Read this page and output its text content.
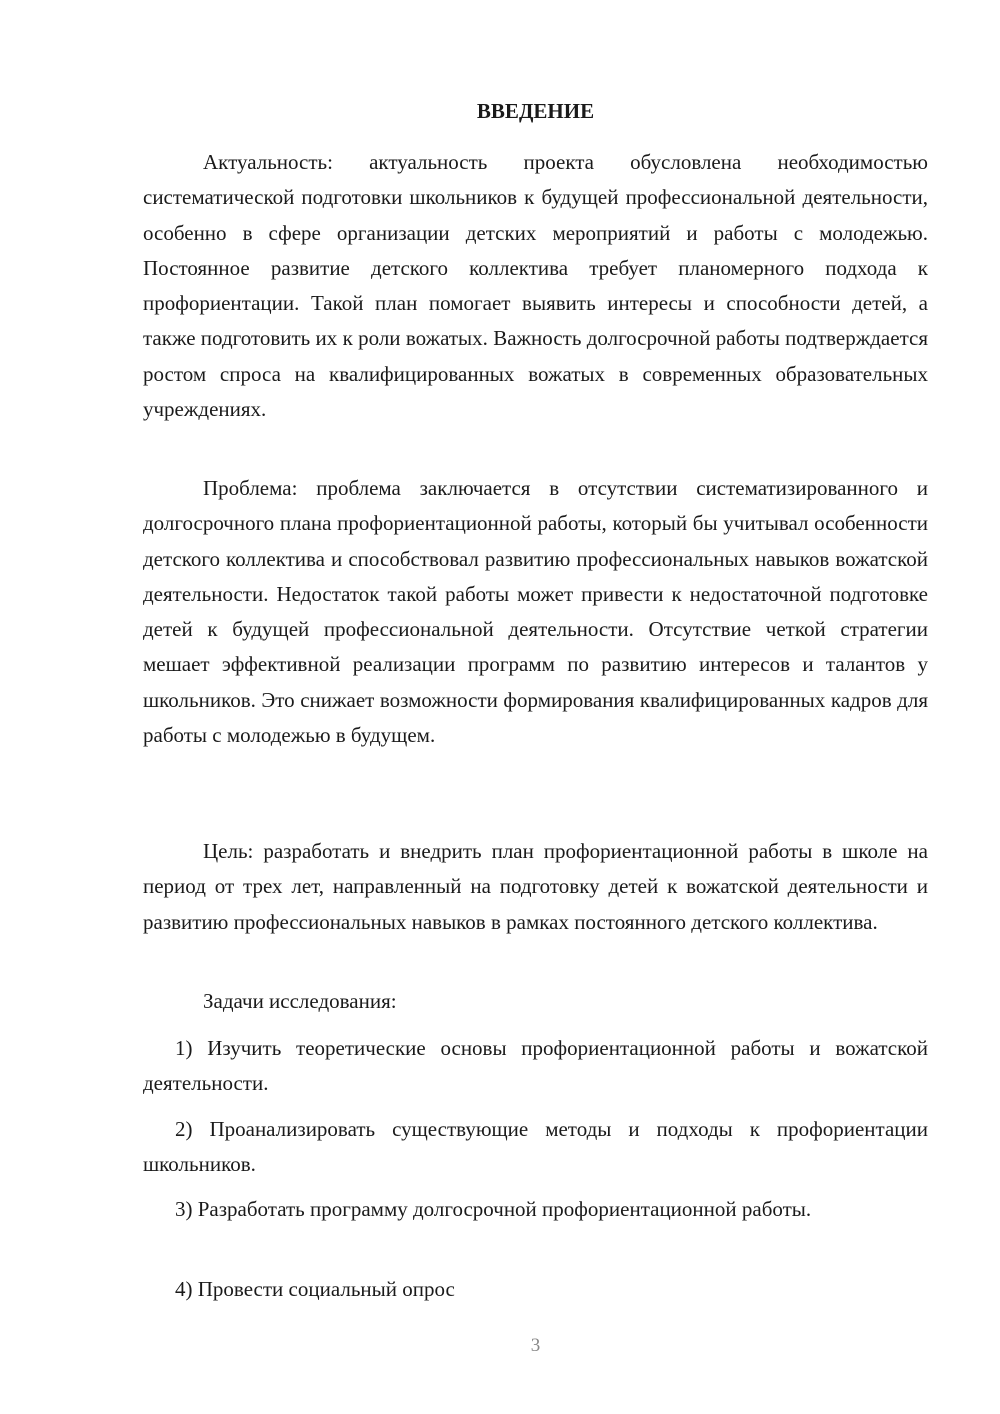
ВВЕДЕНИЕ

Актуальность: актуальность проекта обусловлена необходимостью систематической подготовки школьников к будущей профессиональной деятельности, особенно в сфере организации детских мероприятий и работы с молодежью. Постоянное развитие детского коллектива требует планомерного подхода к профориентации. Такой план помогает выявить интересы и способности детей, а также подготовить их к роли вожатых. Важность долгосрочной работы подтверждается ростом спроса на квалифицированных вожатых в современных образовательных учреждениях.

Проблема: проблема заключается в отсутствии систематизированного и долгосрочного плана профориентационной работы, который бы учитывал особенности детского коллектива и способствовал развитию профессиональных навыков вожатской деятельности. Недостаток такой работы может привести к недостаточной подготовке детей к будущей профессиональной деятельности. Отсутствие четкой стратегии мешает эффективной реализации программ по развитию интересов и талантов у школьников. Это снижает возможности формирования квалифицированных кадров для работы с молодежью в будущем.

Цель: разработать и внедрить план профориентационной работы в школе на период от трех лет, направленный на подготовку детей к вожатской деятельности и развитию профессиональных навыков в рамках постоянного детского коллектива.

Задачи исследования:

1) Изучить теоретические основы профориентационной работы и вожатской деятельности.

2) Проанализировать существующие методы и подходы к профориентации школьников.

3) Разработать программу долгосрочной профориентационной работы.

4) Провести социальный опрос

3
